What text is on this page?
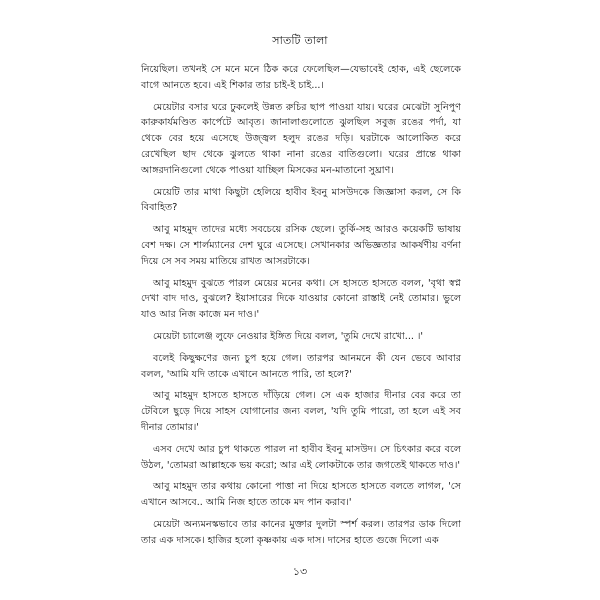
সাতটি তালা

নিয়েছিল। তখনই সে মনে মনে ঠিক করে ফেলেছিল—যেভাবেই হোক, এই ছেলেকে বাগে আনতে হবে। এই শিকার তার চাই-ই চাই...।

মেয়েটার বসার ঘরে ঢুকলেই উন্নত রুচির ছাপ পাওয়া যায়। ঘরের মেঝেটা সুনিপুণ কারুকার্যমণ্ডিত কার্পেটে আবৃত। জানালাগুলোতে ঝুলছিল সবুজ রঙের পর্দা, যা থেকে বের হয়ে এসেছে উজ্জ্বল হলুদ রঙের দড়ি। ঘরটাকে আলোকিত করে রেখেছিল ছাদ থেকে ঝুলতে থাকা নানা রঙের বাতিগুলো। ঘরের প্রান্তে থাকা আঙ্গরদানিগুলো থেকে পাওয়া যাচ্ছিল মিসকের মন-মাতানো সুঘ্রাণ।

মেয়েটি তার মাথা কিছুটা হেলিয়ে হাবীব ইবনু মাসউদকে জিজ্ঞাসা করল, সে কি বিবাহিত?

আবু মাহমুদ তাদের মধ্যে সবচেয়ে রসিক ছেলে। তুর্কি-সহ আরও কয়েকটি ভাষায় বেশ দক্ষ। সে শার্লম্যানের দেশ ঘুরে এসেছে। সেখানকার অভিজ্ঞতার আকর্ষণীয় বর্ণনা দিয়ে সে সব সময় মাতিয়ে রাখত আসরটাকে।

আবু মাহমুদ বুঝতে পারল মেয়ের মনের কথা। সে হাসতে হাসতে বলল, 'বৃথা স্বপ্ন দেখা বাদ দাও, বুঝলে? ইয়াসারের দিকে যাওয়ার কোনো রাস্তাই নেই তোমার। ভুলে যাও আর নিজ কাজে মন দাও।'

মেয়েটা চ্যালেঞ্জ লুফে নেওয়ার ইঙ্গিত দিয়ে বলল, 'তুমি দেখে রাখো... ।'

বলেই কিছুক্ষণের জন্য চুপ হয়ে গেল। তারপর আনমনে কী যেন ভেবে আবার বলল, 'আমি যদি তাকে এখানে আনতে পারি, তা হলে?'

আবু মাহমুদ হাসতে হাসতে দাঁড়িয়ে গেল। সে এক হাজার দীনার বের করে তা টেবিলে ছুড়ে দিয়ে সাহস যোগানোর জন্য বলল, 'যদি তুমি পারো, তা হলে এই সব দীনার তোমার।'

এসব দেখে আর চুপ থাকতে পারল না হাবীব ইবনু মাসউদ। সে চিৎকার করে বলে উঠল, 'তোমরা আল্লাহকে ভয় করো; আর এই লোকটাকে তার জগতেই থাকতে দাও।'

আবু মাহমুদ তার কথায় কোনো পাত্তা না দিয়ে হাসতে হাসতে বলতে লাগল, 'সে এখানে আসবে.. আমি নিজ হাতে তাকে মদ পান করাব।'

মেয়েটা অন্যমনস্কভাবে তার কানের মুক্তার দুলটা স্পর্শ করল। তারপর ডাক দিলো তার এক দাসকে। হাজির হলো কৃষ্ণকায় এক দাস। দাসের হাতে গুজে দিলো এক

১৩
